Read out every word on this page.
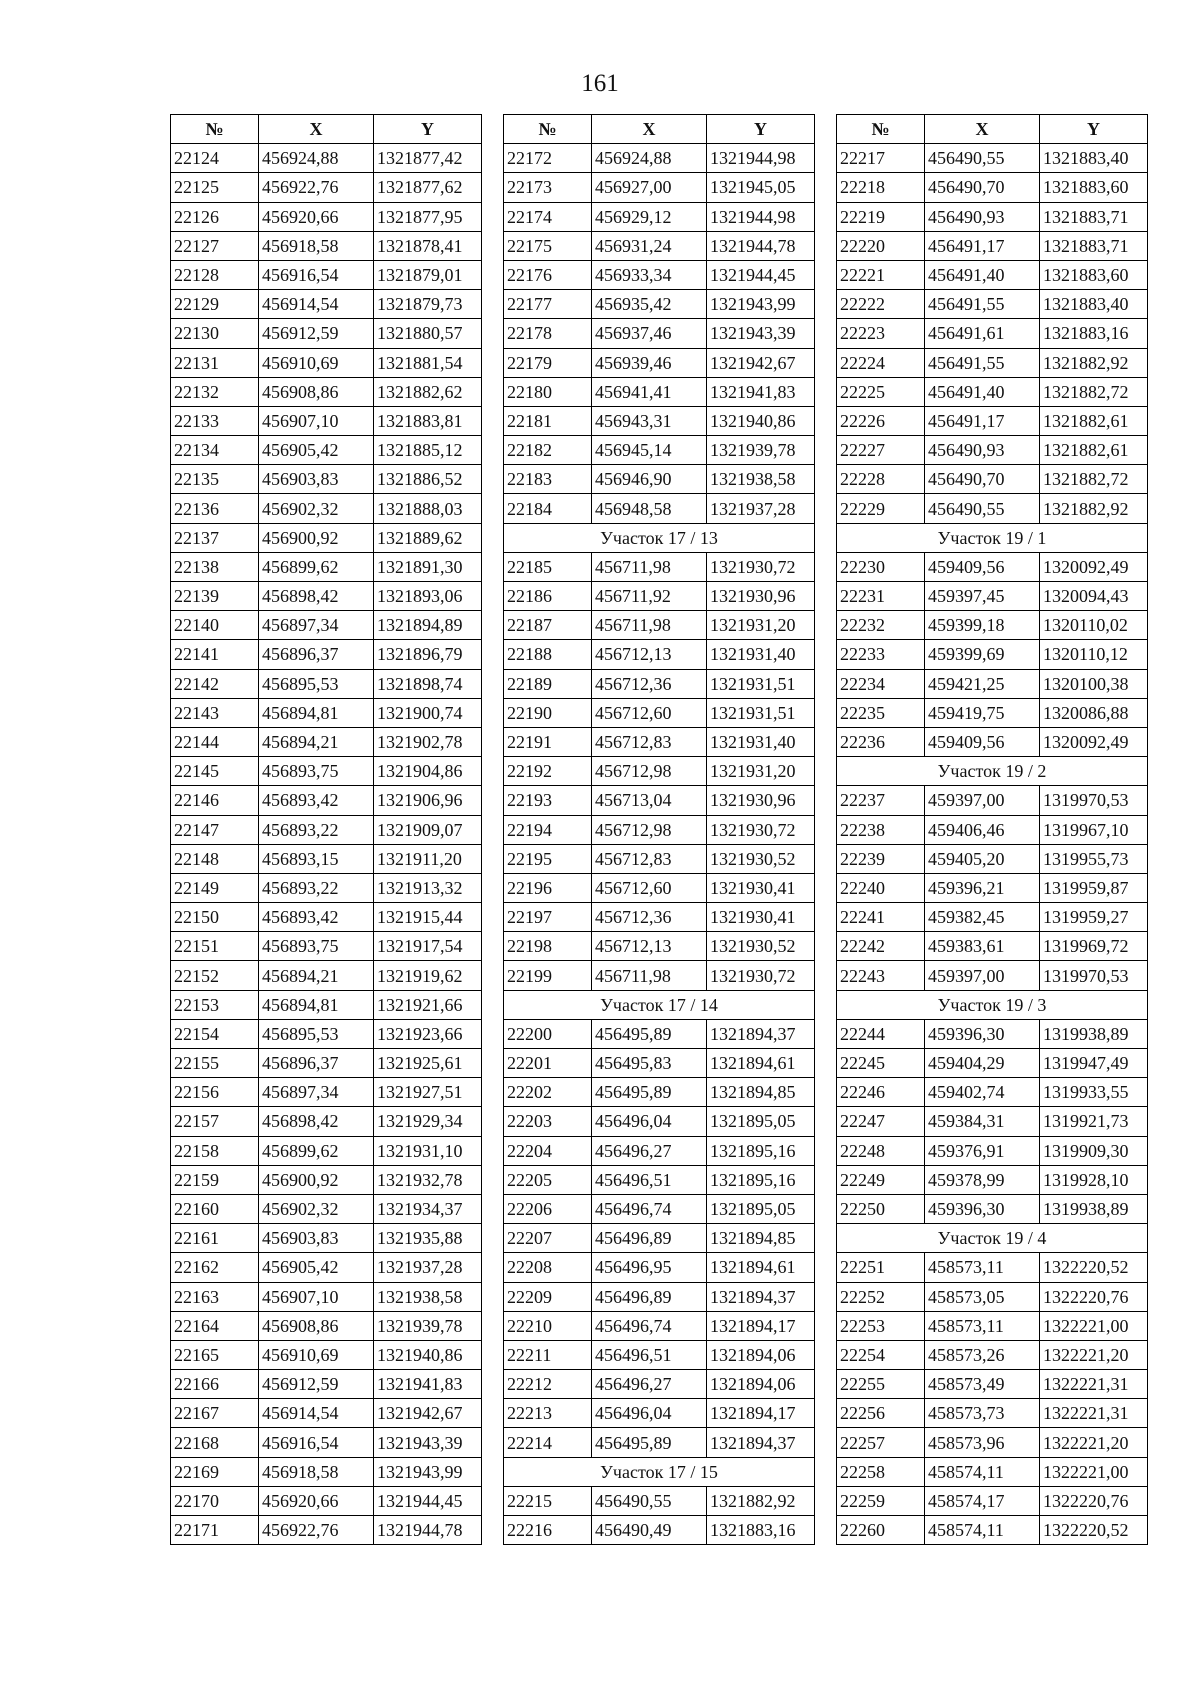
161
№	X	Y
22124	456924,88	1321877,42
22125	456922,76	1321877,62
22126	456920,66	1321877,95
22127	456918,58	1321878,41
22128	456916,54	1321879,01
22129	456914,54	1321879,73
22130	456912,59	1321880,57
22131	456910,69	1321881,54
22132	456908,86	1321882,62
22133	456907,10	1321883,81
22134	456905,42	1321885,12
22135	456903,83	1321886,52
22136	456902,32	1321888,03
22137	456900,92	1321889,62
22138	456899,62	1321891,30
22139	456898,42	1321893,06
22140	456897,34	1321894,89
22141	456896,37	1321896,79
22142	456895,53	1321898,74
22143	456894,81	1321900,74
22144	456894,21	1321902,78
22145	456893,75	1321904,86
22146	456893,42	1321906,96
22147	456893,22	1321909,07
22148	456893,15	1321911,20
22149	456893,22	1321913,32
22150	456893,42	1321915,44
22151	456893,75	1321917,54
22152	456894,21	1321919,62
22153	456894,81	1321921,66
22154	456895,53	1321923,66
22155	456896,37	1321925,61
22156	456897,34	1321927,51
22157	456898,42	1321929,34
22158	456899,62	1321931,10
22159	456900,92	1321932,78
22160	456902,32	1321934,37
22161	456903,83	1321935,88
22162	456905,42	1321937,28
22163	456907,10	1321938,58
22164	456908,86	1321939,78
22165	456910,69	1321940,86
22166	456912,59	1321941,83
22167	456914,54	1321942,67
22168	456916,54	1321943,39
22169	456918,58	1321943,99
22170	456920,66	1321944,45
22171	456922,76	1321944,78
№	X	Y
22172	456924,88	1321944,98
22173	456927,00	1321945,05
22174	456929,12	1321944,98
22175	456931,24	1321944,78
22176	456933,34	1321944,45
22177	456935,42	1321943,99
22178	456937,46	1321943,39
22179	456939,46	1321942,67
22180	456941,41	1321941,83
22181	456943,31	1321940,86
22182	456945,14	1321939,78
22183	456946,90	1321938,58
22184	456948,58	1321937,28
Участок 17 / 13		
22185	456711,98	1321930,72
22186	456711,92	1321930,96
22187	456711,98	1321931,20
22188	456712,13	1321931,40
22189	456712,36	1321931,51
22190	456712,60	1321931,51
22191	456712,83	1321931,40
22192	456712,98	1321931,20
22193	456713,04	1321930,96
22194	456712,98	1321930,72
22195	456712,83	1321930,52
22196	456712,60	1321930,41
22197	456712,36	1321930,41
22198	456712,13	1321930,52
22199	456711,98	1321930,72
Участок 17 / 14		
22200	456495,89	1321894,37
22201	456495,83	1321894,61
22202	456495,89	1321894,85
22203	456496,04	1321895,05
22204	456496,27	1321895,16
22205	456496,51	1321895,16
22206	456496,74	1321895,05
22207	456496,89	1321894,85
22208	456496,95	1321894,61
22209	456496,89	1321894,37
22210	456496,74	1321894,17
22211	456496,51	1321894,06
22212	456496,27	1321894,06
22213	456496,04	1321894,17
22214	456495,89	1321894,37
Участок 17 / 15		
22215	456490,55	1321882,92
22216	456490,49	1321883,16
№	X	Y
22217	456490,55	1321883,40
22218	456490,70	1321883,60
22219	456490,93	1321883,71
22220	456491,17	1321883,71
22221	456491,40	1321883,60
22222	456491,55	1321883,40
22223	456491,61	1321883,16
22224	456491,55	1321882,92
22225	456491,40	1321882,72
22226	456491,17	1321882,61
22227	456490,93	1321882,61
22228	456490,70	1321882,72
22229	456490,55	1321882,92
Участок 19 / 1		
22230	459409,56	1320092,49
22231	459397,45	1320094,43
22232	459399,18	1320110,02
22233	459399,69	1320110,12
22234	459421,25	1320100,38
22235	459419,75	1320086,88
22236	459409,56	1320092,49
Участок 19 / 2		
22237	459397,00	1319970,53
22238	459406,46	1319967,10
22239	459405,20	1319955,73
22240	459396,21	1319959,87
22241	459382,45	1319959,27
22242	459383,61	1319969,72
22243	459397,00	1319970,53
Участок 19 / 3		
22244	459396,30	1319938,89
22245	459404,29	1319947,49
22246	459402,74	1319933,55
22247	459384,31	1319921,73
22248	459376,91	1319909,30
22249	459378,99	1319928,10
22250	459396,30	1319938,89
Участок 19 / 4		
22251	458573,11	1322220,52
22252	458573,05	1322220,76
22253	458573,11	1322221,00
22254	458573,26	1322221,20
22255	458573,49	1322221,31
22256	458573,73	1322221,31
22257	458573,96	1322221,20
22258	458574,11	1322221,00
22259	458574,17	1322220,76
22260	458574,11	1322220,52
